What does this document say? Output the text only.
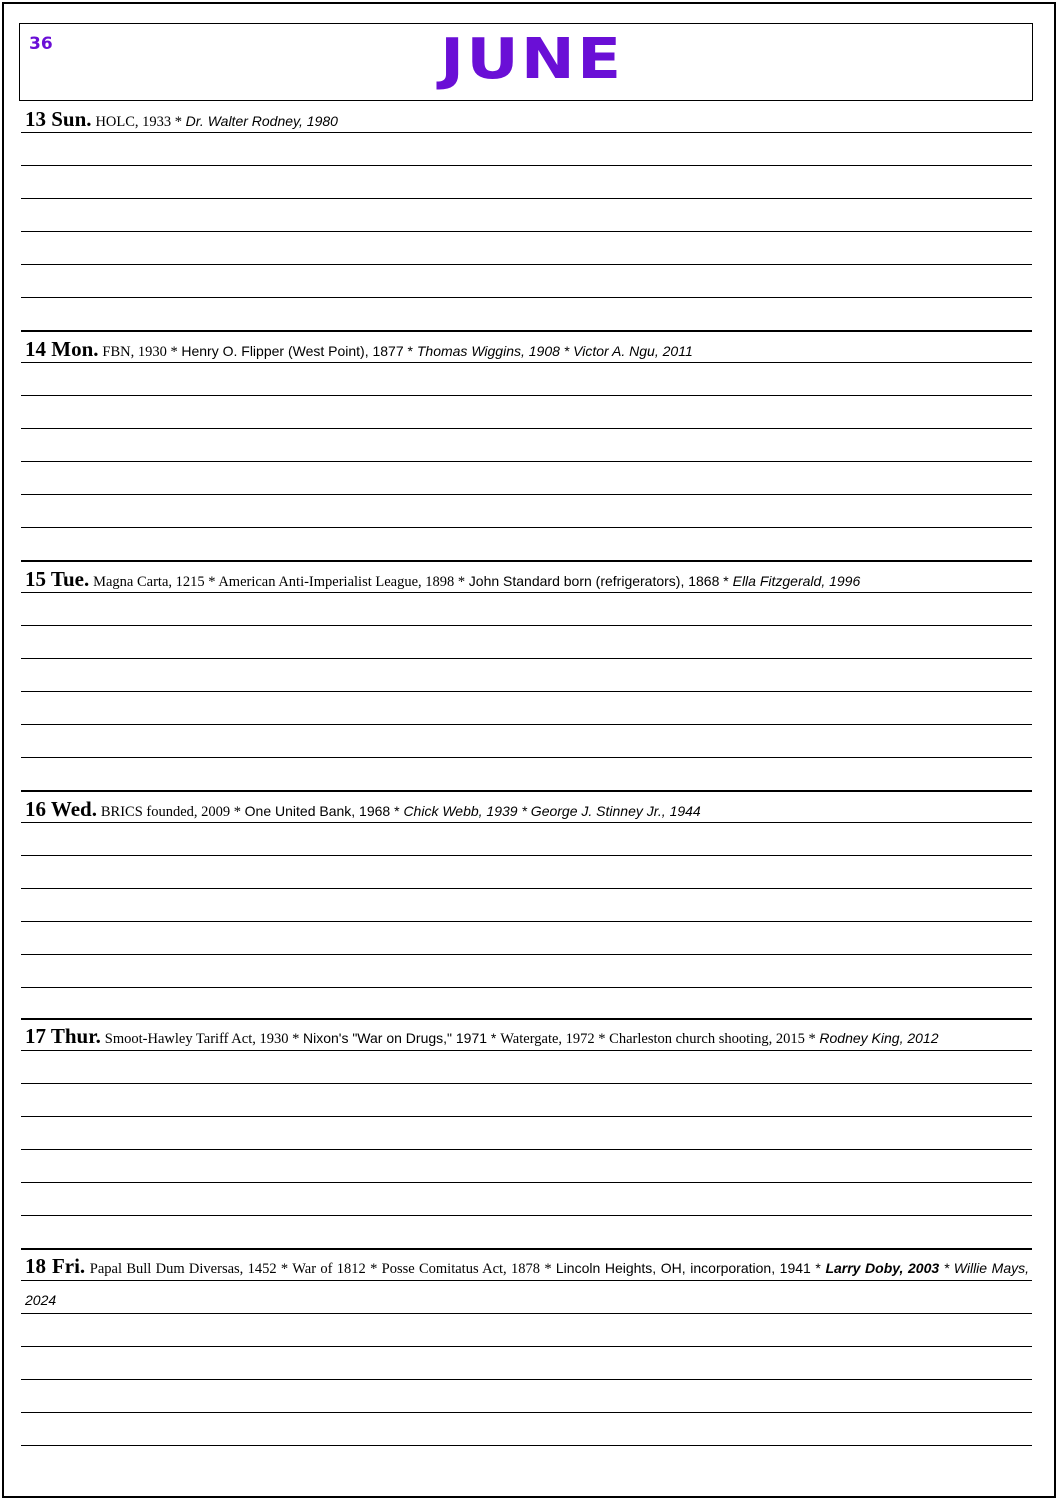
36	JUNE
13 Sun. HOLC, 1933 * Dr. Walter Rodney, 1980
14 Mon. FBN, 1930 * Henry O. Flipper (West Point), 1877 * Thomas Wiggins, 1908 * Victor A. Ngu, 2011
15 Tue. Magna Carta, 1215 * American Anti-Imperialist League, 1898 * John Standard born (refrigerators), 1868 * Ella Fitzgerald, 1996
16 Wed. BRICS founded, 2009 * One United Bank, 1968 * Chick Webb, 1939 * George J. Stinney Jr., 1944
17 Thur. Smoot-Hawley Tariff Act, 1930 * Nixon's "War on Drugs," 1971 * Watergate, 1972 * Charleston church shooting, 2015 * Rodney King, 2012
18 Fri. Papal Bull Dum Diversas, 1452 * War of 1812 * Posse Comitatus Act, 1878 * Lincoln Heights, OH, incorporation, 1941 * Larry Doby, 2003 * Willie Mays, 2024
